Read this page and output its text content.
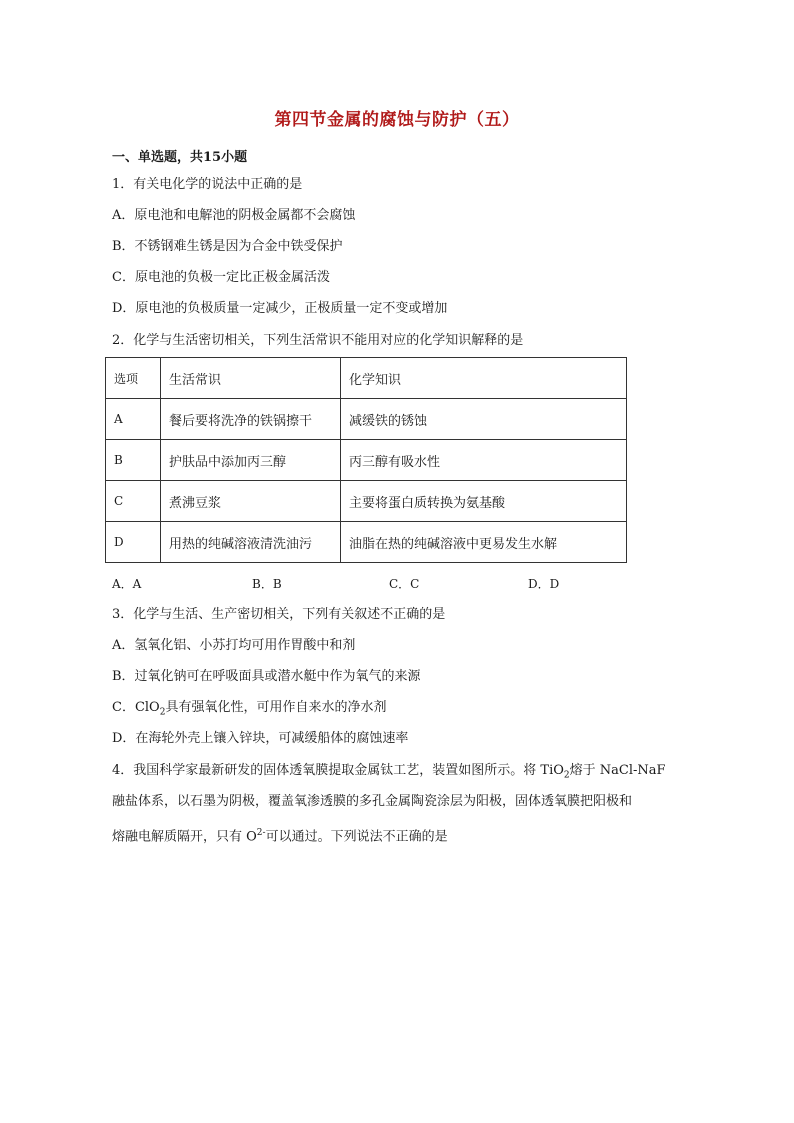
第四节金属的腐蚀与防护（五）
一、单选题，共15小题
1．有关电化学的说法中正确的是
A．原电池和电解池的阴极金属都不会腐蚀
B．不锈钢难生锈是因为合金中铁受保护
C．原电池的负极一定比正极金属活泼
D．原电池的负极质量一定减少，正极质量一定不变或增加
2．化学与生活密切相关，下列生活常识不能用对应的化学知识解释的是
选项	生活常识	化学知识
A	餐后要将洗净的铁锅擦干	减缓铁的锈蚀
B	护肤品中添加丙三醇	丙三醇有吸水性
C	煮沸豆浆	主要将蛋白质转换为氨基酸
D	用热的纯碱溶液清洗油污	油脂在热的纯碱溶液中更易发生水解
A．A	B．B	C．C	D．D
3．化学与生活、生产密切相关，下列有关叙述不正确的是
A．氢氧化铝、小苏打均可用作胃酸中和剂
B．过氧化钠可在呼吸面具或潜水艇中作为氧气的来源
C．ClO$_2$具有强氧化性，可用作自来水的净水剂
D．在海轮外壳上镶入锌块，可减缓船体的腐蚀速率
4．我国科学家最新研发的固体透氧膜提取金属钛工艺，装置如图所示。将 TiO$_2$熔于 NaCl-NaF
融盐体系，以石墨为阴极，覆盖氧渗透膜的多孔金属陶瓷涂层为阳极，固体透氧膜把阳极和
熔融电解质隔开，只有 $O^{2-}$可以通过。下列说法不正确的是
